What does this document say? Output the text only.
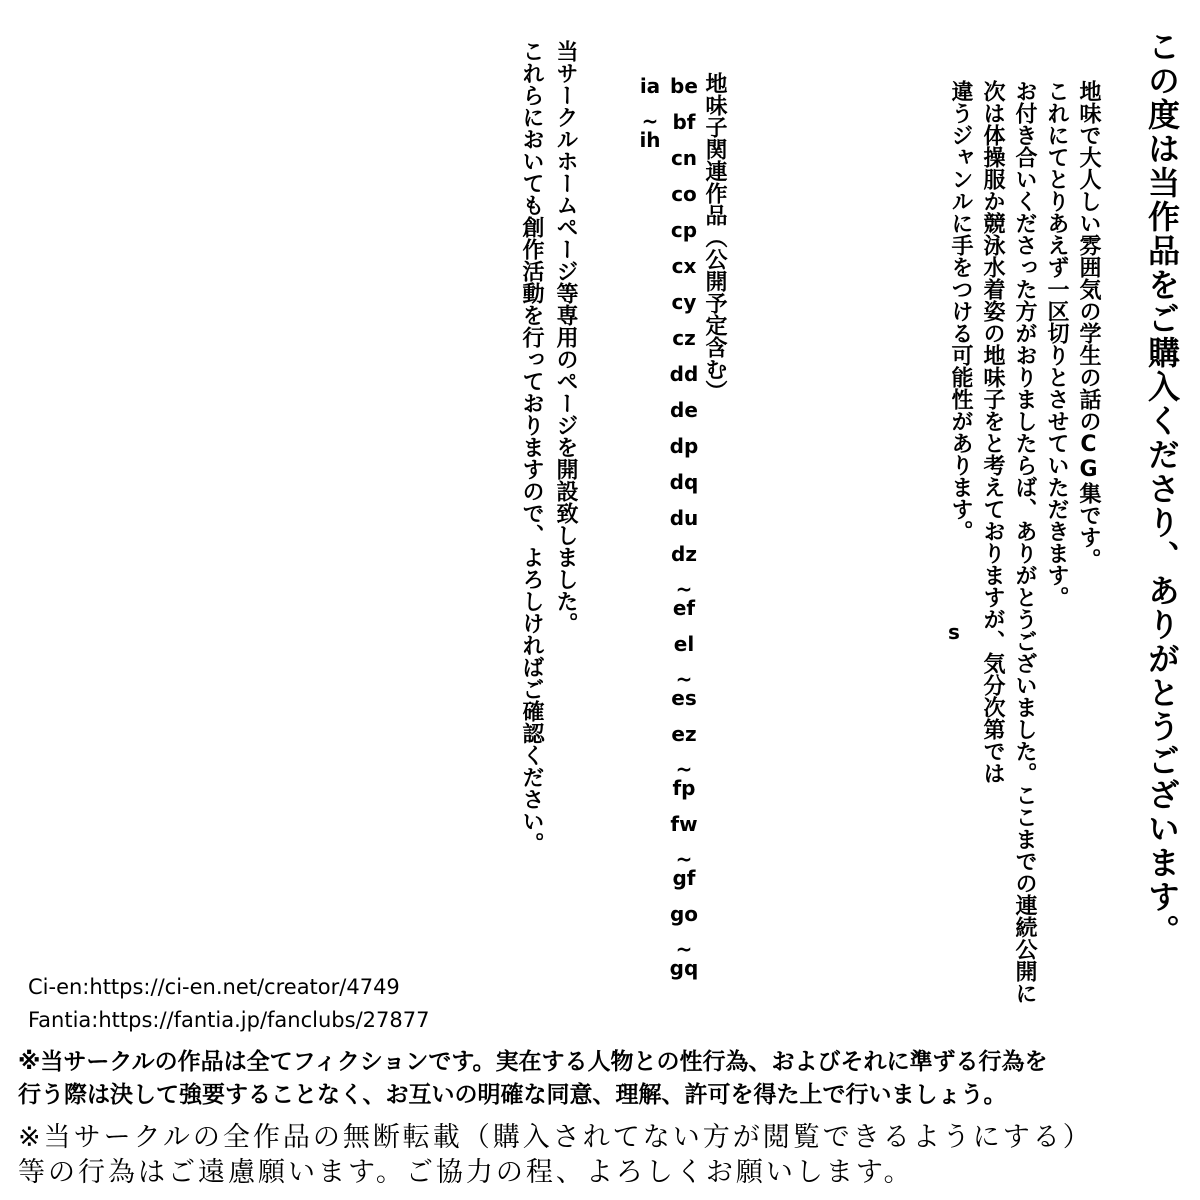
この度は当作品をご購入くださり、ありがとうございます。
地味で大人しい雰囲気の学生の話のCG集です。
これにてとりあえず一区切りとさせていただきます。
お付き合いくださった方がおりましたらば、ありがとうございました。ここまでの連続公開に
次は体操服か競泳水着姿の地味子をと考えておりますが、気分次第では
違うジャンルに手をつける可能性があります。
s
地味子関連作品（公開予定含む）
be
bf
cn
co
cp
cx
cy
cz
dd
de
dp
dq
du
dz
~
ef
el
~
es
ez
~
fp
fw
~
gf
go
~
gq
ia
~
ih
当サークルホームページ等専用のページを開設致しました。
これらにおいても創作活動を行っておりますので、よろしければご確認ください。
Ci-en:https://ci-en.net/creator/4749
Fantia:https://fantia.jp/fanclubs/27877
※当サークルの作品は全てフィクションです。実在する人物との性行為、およびそれに準ずる行為を
行う際は決して強要することなく、お互いの明確な同意、理解、許可を得た上で行いましょう。
※当サークルの全作品の無断転載（購入されてない方が閲覧できるようにする）
等の行為はご遠慮願います。ご協力の程、よろしくお願いします。
